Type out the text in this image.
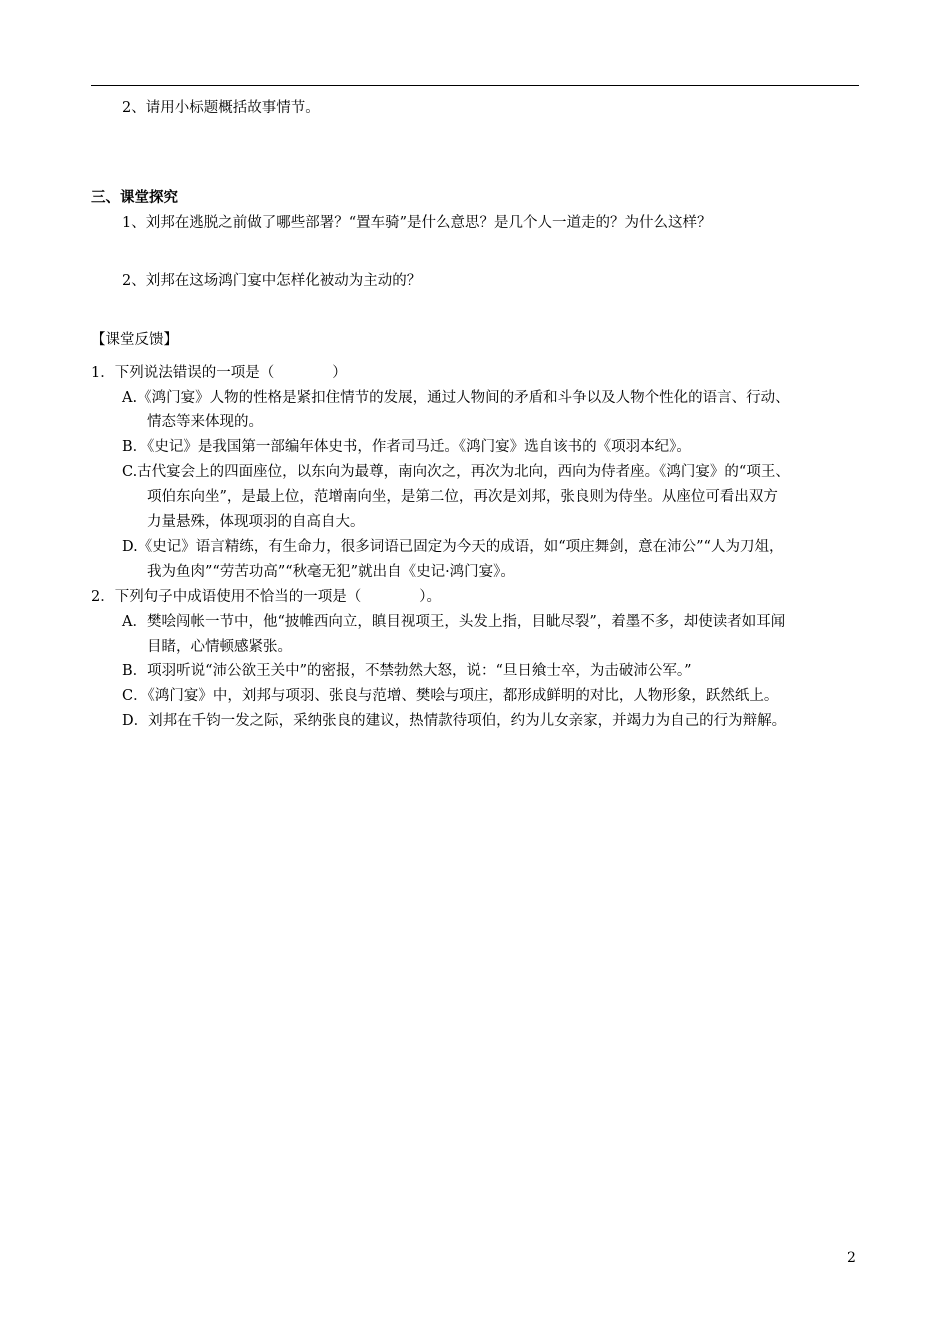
2、请用小标题概括故事情节。
三、课堂探究
1、刘邦在逃脱之前做了哪些部署？“置车骑”是什么意思？是几个人一道走的？为什么这样？
2、刘邦在这场鸿门宴中怎样化被动为主动的？
【课堂反馈】
1．下列说法错误的一项是（　　　　）
A.《鸿门宴》人物的性格是紧扣住情节的发展，通过人物间的矛盾和斗争以及人物个性化的语言、行动、
情态等来体现的。
B．《史记》是我国第一部编年体史书，作者司马迁。《鸿门宴》选自该书的《项羽本纪》。
C.古代宴会上的四面座位，以东向为最尊，南向次之，再次为北向，西向为侍者座。《鸿门宴》的“项王、
项伯东向坐”，是最上位，范增南向坐，是第二位，再次是刘邦，张良则为侍坐。从座位可看出双方
力量悬殊，体现项羽的自高自大。
D.《史记》语言精练，有生命力，很多词语已固定为今天的成语，如“项庄舞剑，意在沛公”“人为刀俎，
我为鱼肉”“劳苦功高”“秋毫无犯”就出自《史记·鸿门宴》。
2．下列句子中成语使用不恰当的一项是（　　　　）。
A．樊哙闯帐一节中，他“披帷西向立，瞋目视项王，头发上指，目眦尽裂”，着墨不多，却使读者如耳闻
目睹，心情顿感紧张。
B．项羽听说“沛公欲王关中”的密报，不禁勃然大怒，说：“旦日飨士卒，为击破沛公军。”
C．《鸿门宴》中，刘邦与项羽、张良与范增、樊哙与项庄，都形成鲜明的对比，人物形象，跃然纸上。
D．刘邦在千钧一发之际，采纳张良的建议，热情款待项伯，约为儿女亲家，并竭力为自己的行为辩解。
2
